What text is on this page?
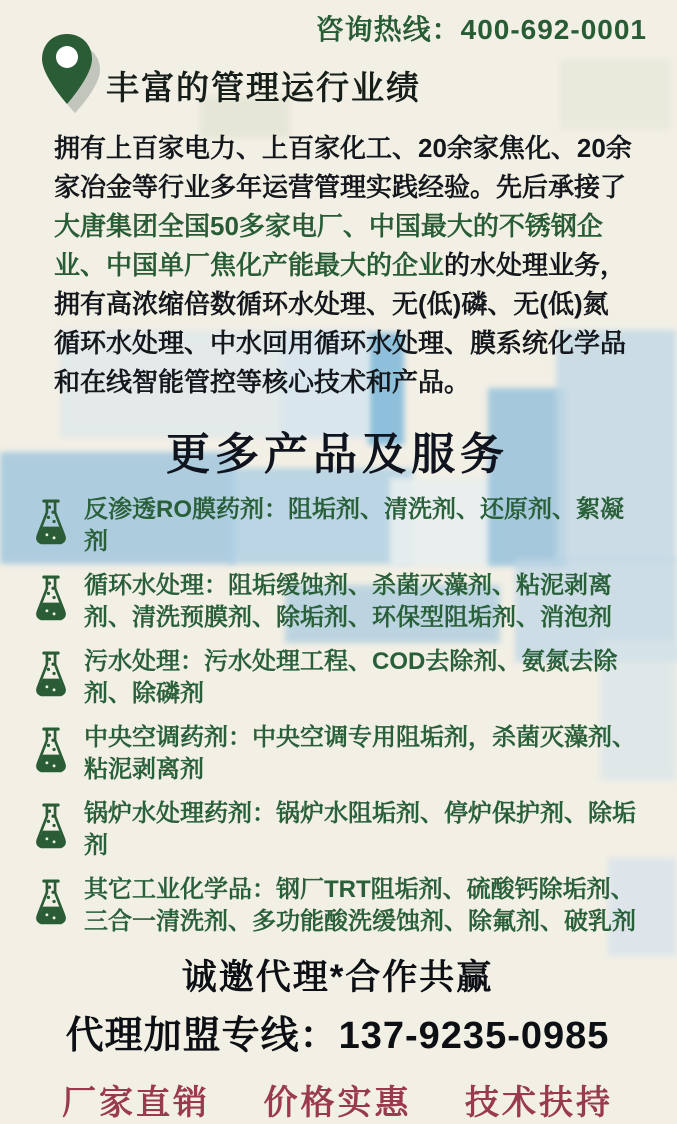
咨询热线：400-692-0001
丰富的管理运行业绩

拥有上百家电力、上百家化工、20余家焦化、20余家冶金等行业多年运营管理实践经验。先后承接了大唐集团全国50多家电厂、中国最大的不锈钢企业、中国单厂焦化产能最大的企业的水处理业务，拥有高浓缩倍数循环水处理、无(低)磷、无(低)氮循环水处理、中水回用循环水处理、膜系统化学品和在线智能管控等核心技术和产品。

更多产品及服务
反渗透RO膜药剂：阻垢剂、清洗剂、还原剂、絮凝剂
循环水处理：阻垢缓蚀剂、杀菌灭藻剂、粘泥剥离剂、清洗预膜剂、除垢剂、环保型阻垢剂、消泡剂
污水处理：污水处理工程、COD去除剂、氨氮去除剂、除磷剂
中央空调药剂：中央空调专用阻垢剂，杀菌灭藻剂、粘泥剥离剂
锅炉水处理药剂：锅炉水阻垢剂、停炉保护剂、除垢剂
其它工业化学品：钢厂TRT阻垢剂、硫酸钙除垢剂、三合一清洗剂、多功能酸洗缓蚀剂、除氟剂、破乳剂
诚邀代理*合作共赢
代理加盟专线：137-9235-0985
厂家直销 价格实惠 技术扶持
